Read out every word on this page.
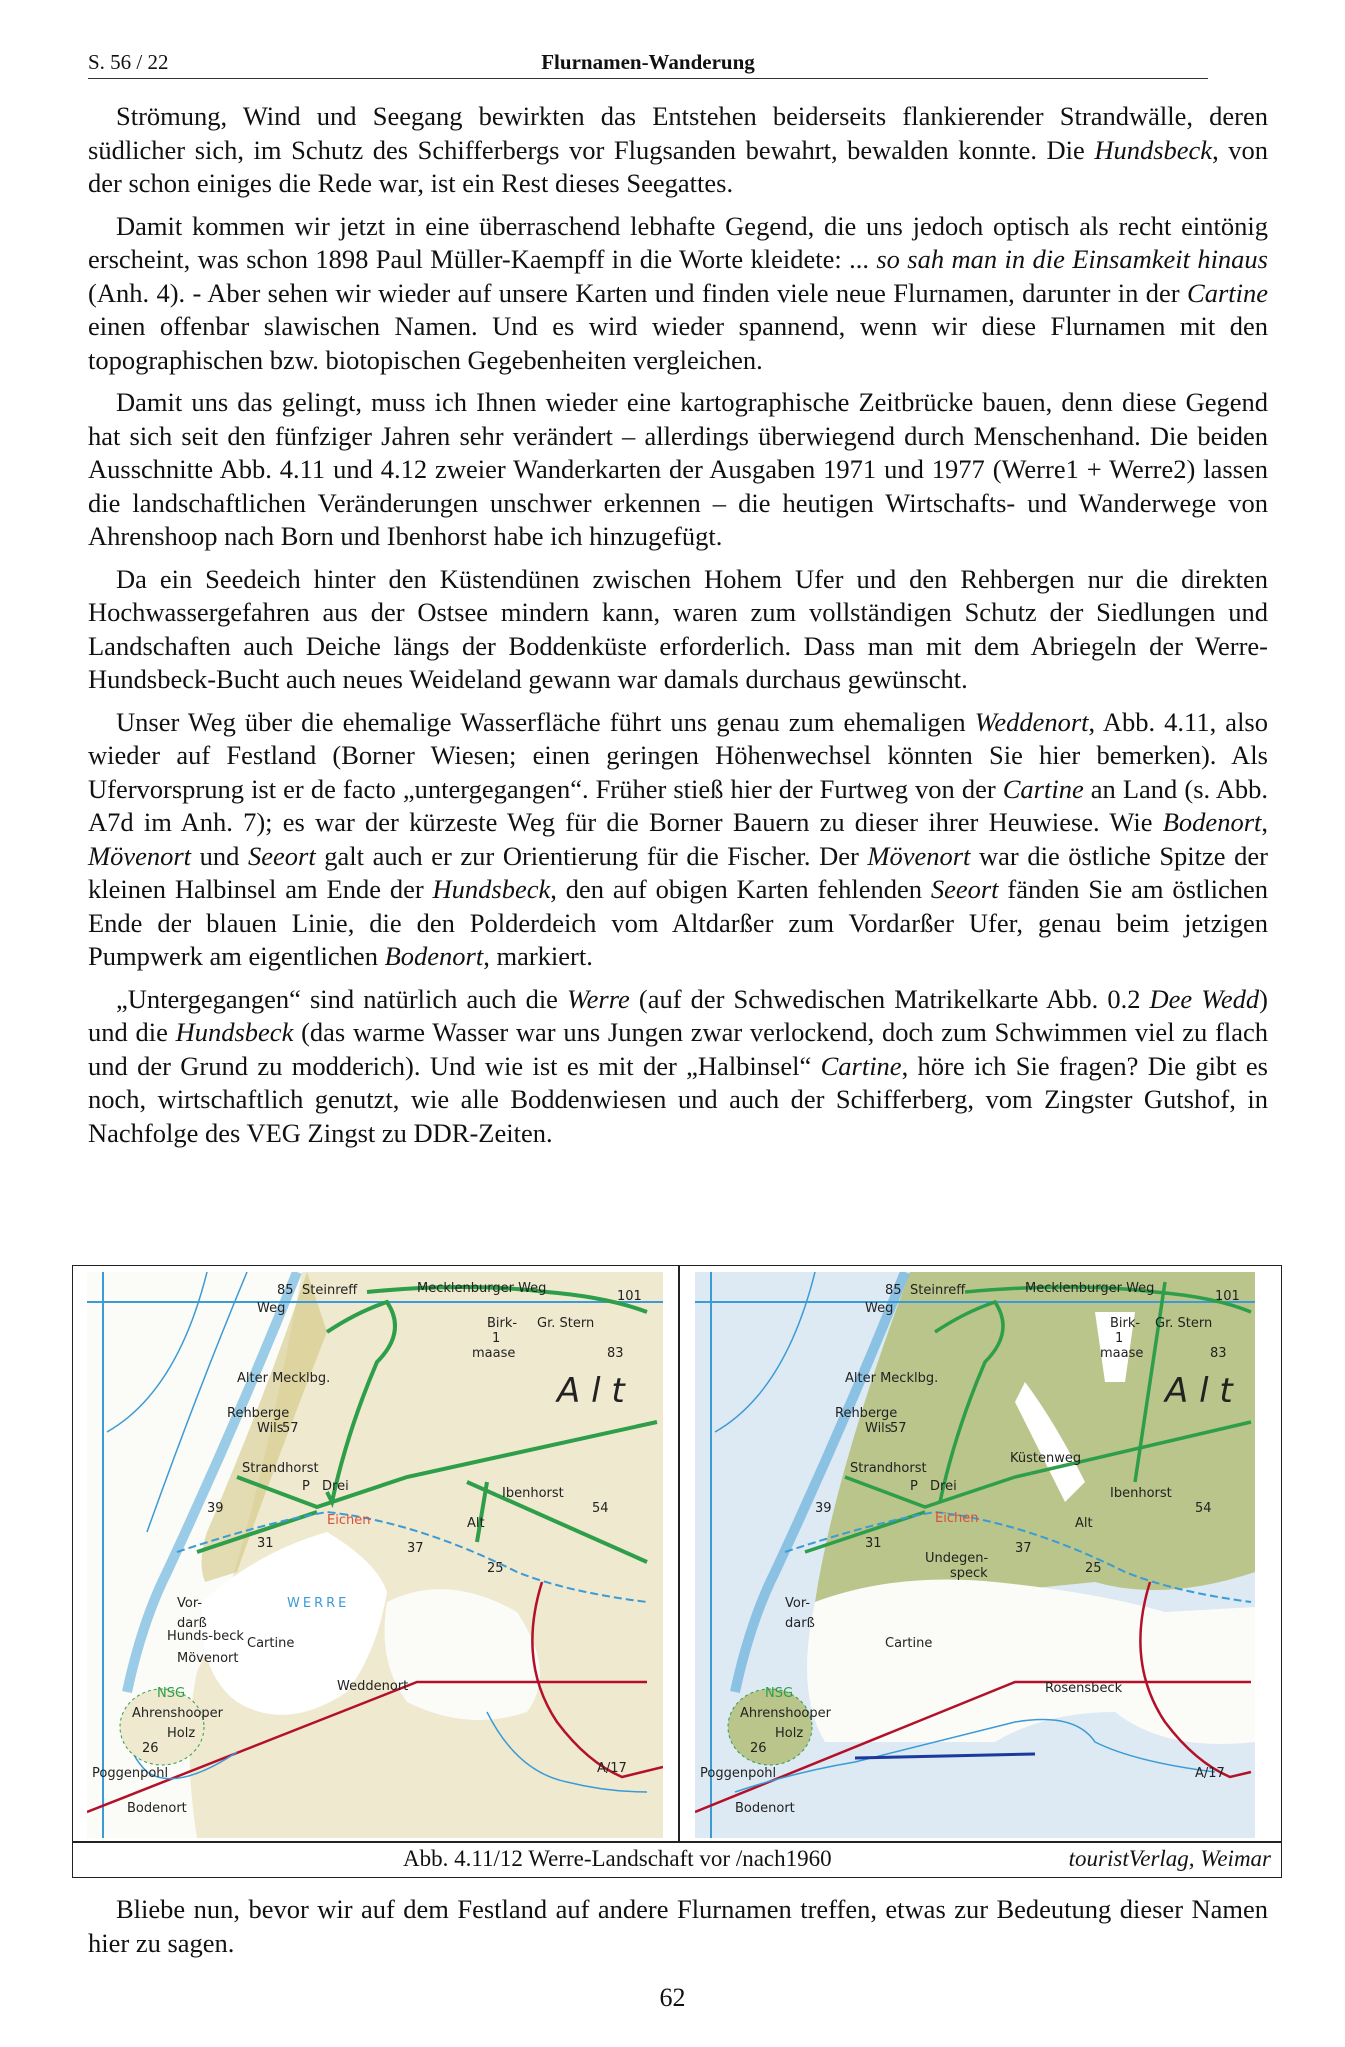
S. 56 / 22	Flurnamen-Wanderung

Strömung, Wind und Seegang bewirkten das Entstehen beiderseits flankierender Strandwälle, deren südlicher sich, im Schutz des Schifferbergs vor Flugsanden bewahrt, bewalden konnte. Die Hundsbeck, von der schon einiges die Rede war, ist ein Rest dieses Seegattes.

Damit kommen wir jetzt in eine überraschend lebhafte Gegend, die uns jedoch optisch als recht eintönig erscheint, was schon 1898 Paul Müller-Kaempff in die Worte kleidete: ... so sah man in die Einsamkeit hinaus (Anh. 4). - Aber sehen wir wieder auf unsere Karten und finden viele neue Flurnamen, darunter in der Cartine einen offenbar slawischen Namen. Und es wird wieder spannend, wenn wir diese Flurnamen mit den topographischen bzw. biotopischen Gegebenheiten vergleichen.

Damit uns das gelingt, muss ich Ihnen wieder eine kartographische Zeitbrücke bauen, denn diese Gegend hat sich seit den fünfziger Jahren sehr verändert – allerdings überwiegend durch Menschenhand. Die beiden Ausschnitte Abb. 4.11 und 4.12 zweier Wanderkarten der Ausgaben 1971 und 1977 (Werre1 + Werre2) lassen die landschaftlichen Veränderungen unschwer erkennen – die heutigen Wirtschafts- und Wanderwege von Ahrenshoop nach Born und Ibenhorst habe ich hinzugefügt.

Da ein Seedeich hinter den Küstendünen zwischen Hohem Ufer und den Rehbergen nur die direkten Hochwassergefahren aus der Ostsee mindern kann, waren zum vollständigen Schutz der Siedlungen und Landschaften auch Deiche längs der Boddenküste erforderlich. Dass man mit dem Abriegeln der Werre-Hundsbeck-Bucht auch neues Weideland gewann war damals durchaus gewünscht.

Unser Weg über die ehemalige Wasserfläche führt uns genau zum ehemaligen Weddenort, Abb. 4.11, also wieder auf Festland (Borner Wiesen; einen geringen Höhenwechsel könnten Sie hier bemerken). Als Ufervorsprung ist er de facto „untergegangen“. Früher stieß hier der Furtweg von der Cartine an Land (s. Abb. A7d im Anh. 7); es war der kürzeste Weg für die Borner Bauern zu dieser ihrer Heuwiese. Wie Bodenort, Mövenort und Seeort galt auch er zur Orientierung für die Fischer. Der Mövenort war die östliche Spitze der kleinen Halbinsel am Ende der Hundsbeck, den auf obigen Karten fehlenden Seeort fänden Sie am östlichen Ende der blauen Linie, die den Polderdeich vom Altdarßer zum Vordarßer Ufer, genau beim jetzigen Pumpwerk am eigentlichen Bodenort, markiert.

„Untergegangen“ sind natürlich auch die Werre (auf der Schwedischen Matrikelkarte Abb. 0.2 Dee Wedd) und die Hundsbeck (das warme Wasser war uns Jungen zwar verlockend, doch zum Schwimmen viel zu flach und der Grund zu modderich). Und wie ist es mit der „Halbinsel“ Cartine, höre ich Sie fragen? Die gibt es noch, wirtschaftlich genutzt, wie alle Boddenwiesen und auch der Schifferberg, vom Zingster Gutshof, in Nachfolge des VEG Zingst zu DDR-Zeiten.

85 Steinreff	Mecklenburger Weg
Weg
Alter Mecklbg.
Birk-
1
maase
Gr. Stern
101
83
A l t
Rehberge
Wils
57
Strandhorst
P Drei
39
Ibenhorst
54
Eichen	Alt
31	37
25
Vor-
darß
WERRE
Cartine
Hunds-beck
Mövenort
NSG
Ahrenshooper
Holz
26
Weddenort
Poggenpohl
Bodenort
A/17
85 Steinreff	Mecklenburger Weg
Weg
Alter Mecklbg.
Birk-
1
maase
Gr. Stern
101
83
A l t
Rehberge
Wils
57
Strandhorst
Küstenweg
P Drei
39
Ibenhorst
54
Eichen	Alt
31	37
25
Undegen-
speck
Vor-
darß
Cartine
NSG
Ahrenshooper
Holz
26
Rosensbeck
Poggenpohl
Bodenort
A/17
Abb. 4.11/12 Werre-Landschaft vor /nach1960	touristVerlag, Weimar

Bliebe nun, bevor wir auf dem Festland auf andere Flurnamen treffen, etwas zur Bedeutung dieser Namen hier zu sagen.

62
